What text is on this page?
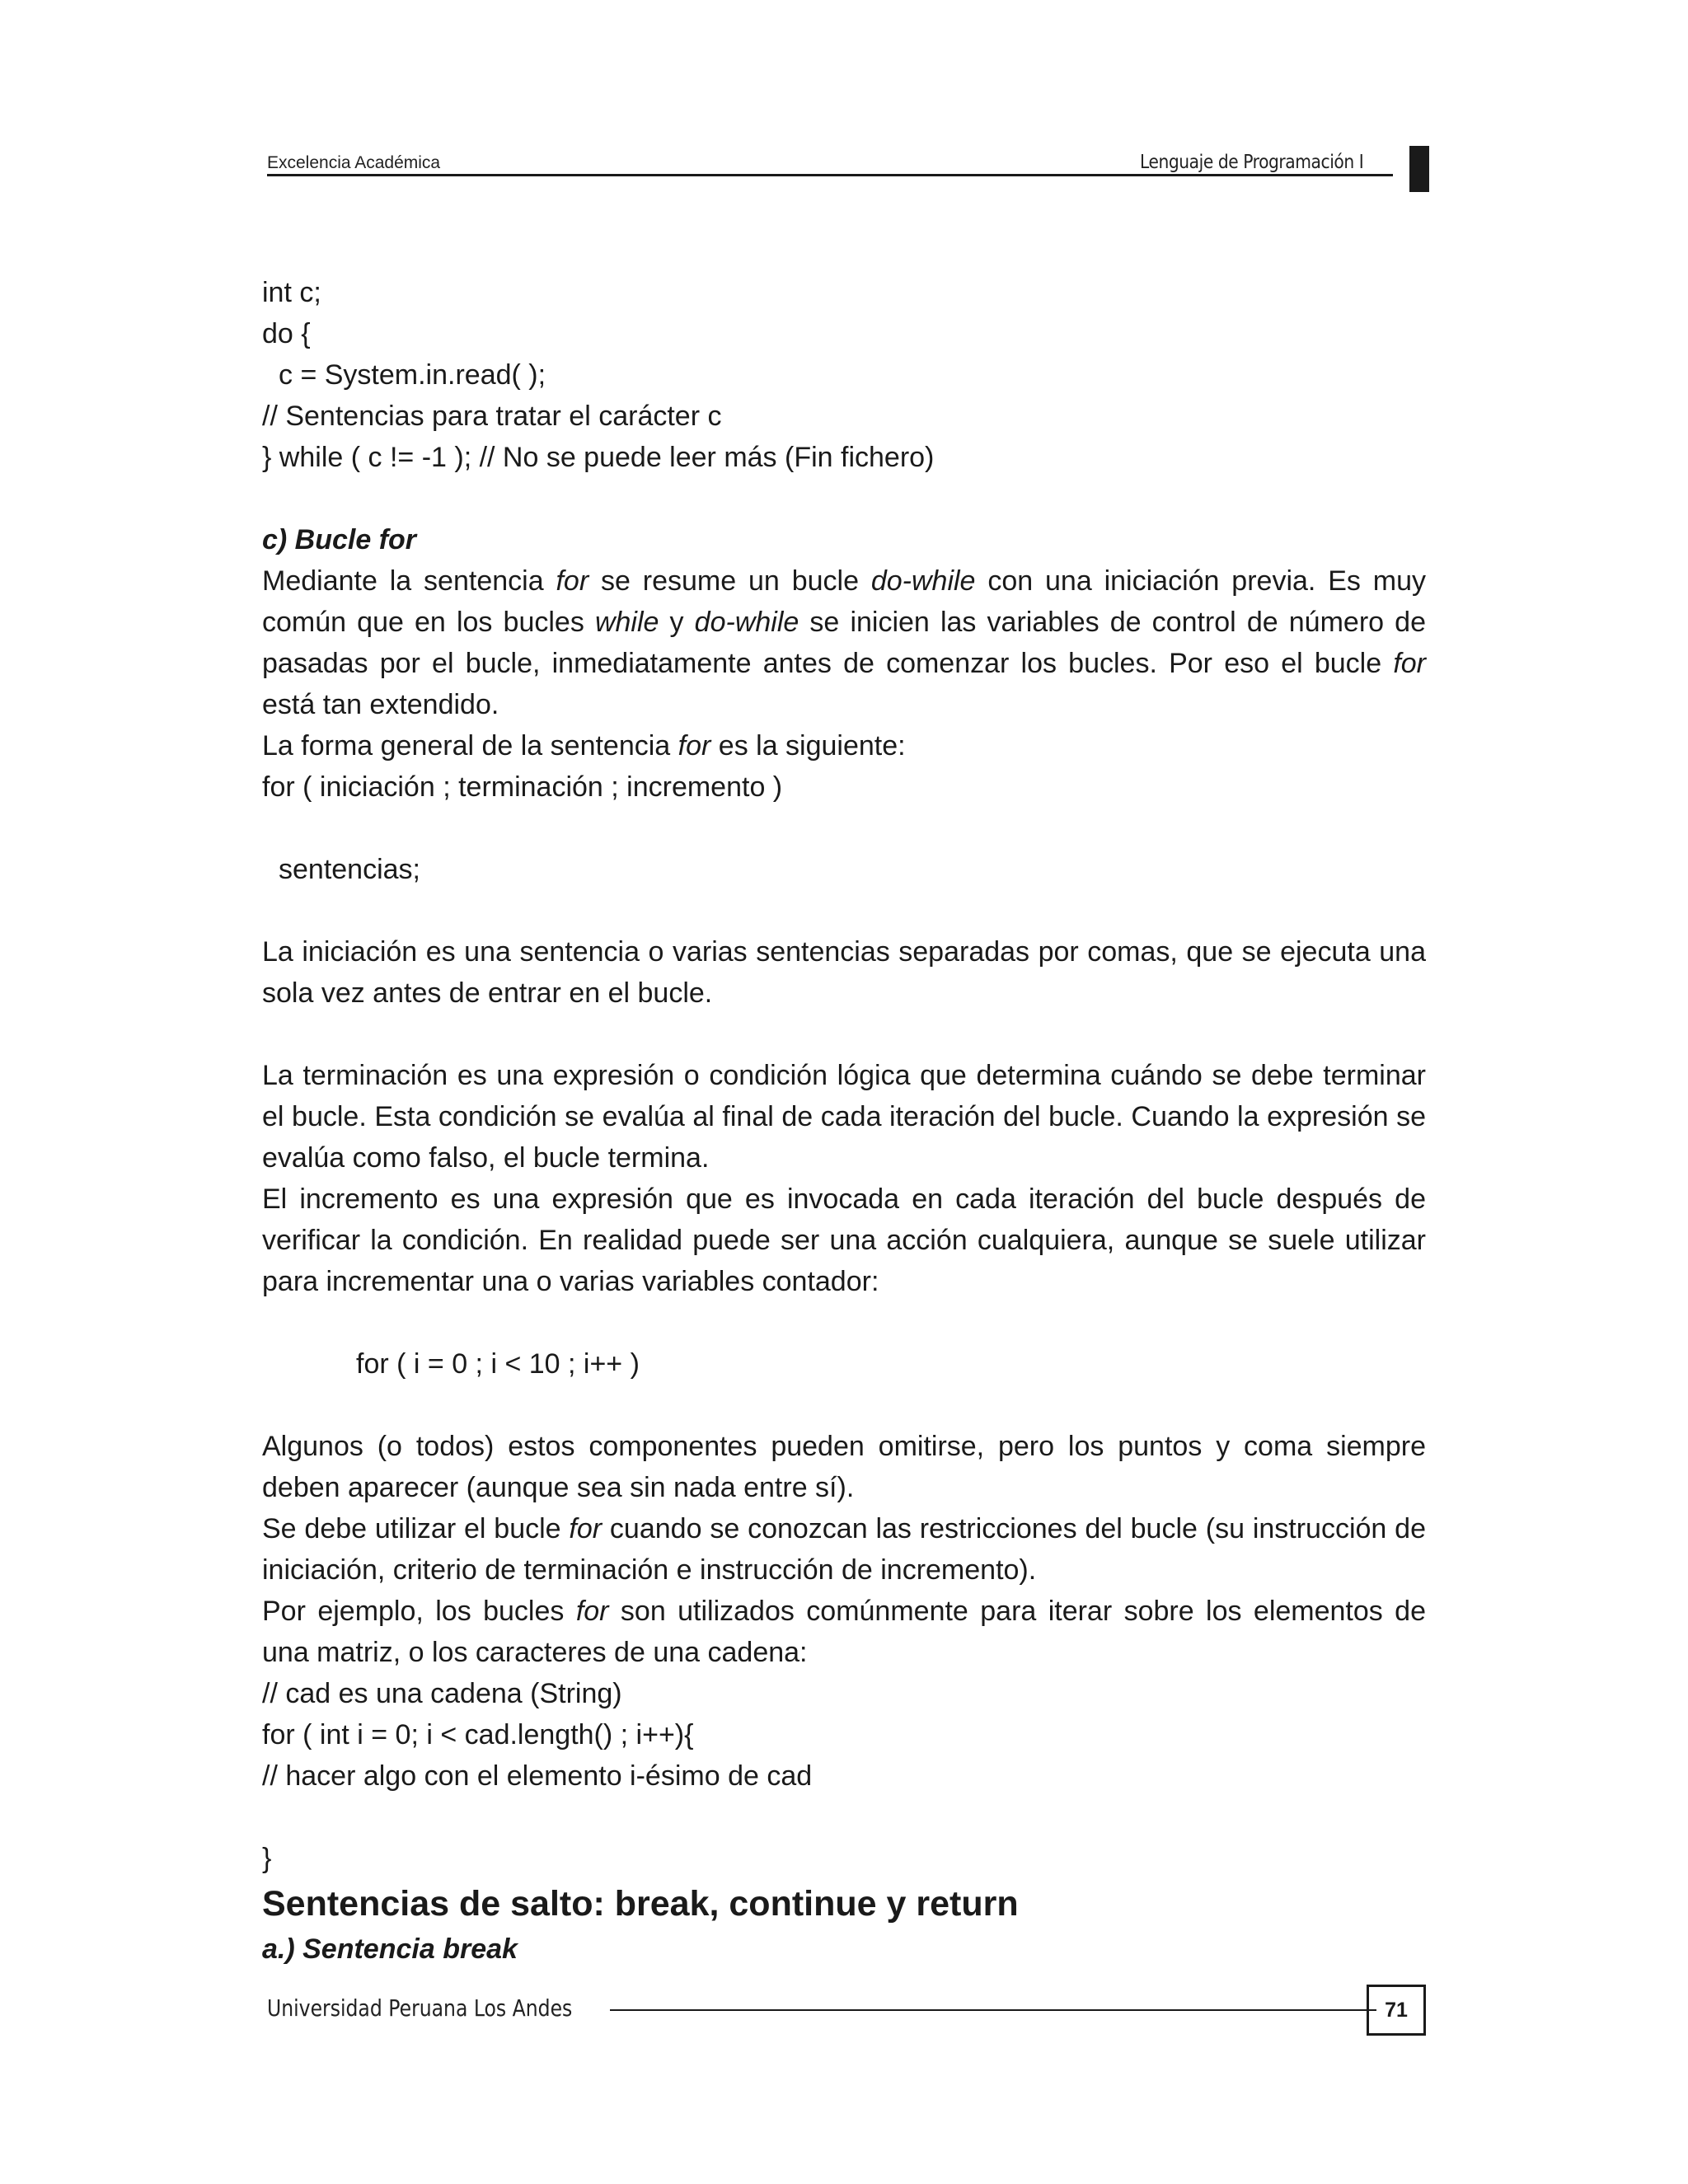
Excelencia Académica	Lenguaje de Programación I

int c;

do {

c = System.in.read( );

// Sentencias para tratar el carácter c

} while ( c != -1 ); // No se puede leer más (Fin fichero)

c) Bucle for

Mediante la sentencia for se resume un bucle do-while con una iniciación previa. Es muy común que en los bucles while y do-while se inicien las variables de control de número de pasadas por el bucle, inmediatamente antes de comenzar los bucles. Por eso el bucle for está tan extendido.

La forma general de la sentencia for es la siguiente:

for ( iniciación ; terminación ; incremento )

sentencias;

La iniciación es una sentencia o varias sentencias separadas por comas, que se ejecuta una sola vez antes de entrar en el bucle.

La terminación es una expresión o condición lógica que determina cuándo se debe terminar el bucle. Esta condición se evalúa al final de cada iteración del bucle. Cuando la expresión se evalúa como falso, el bucle termina.

El incremento es una expresión que es invocada en cada iteración del bucle después de verificar la condición. En realidad puede ser una acción cualquiera, aunque se suele utilizar para incrementar una o varias variables contador:

for ( i = 0 ; i < 10 ; i++ )

Algunos (o todos) estos componentes pueden omitirse, pero los puntos y coma siempre deben aparecer (aunque sea sin nada entre sí).

Se debe utilizar el bucle for cuando se conozcan las restricciones del bucle (su instrucción de iniciación, criterio de terminación e instrucción de incremento).

Por ejemplo, los bucles for son utilizados comúnmente para iterar sobre los elementos de una matriz, o los caracteres de una cadena:

// cad es una cadena (String)

for ( int i = 0; i < cad.length() ; i++){

// hacer algo con el elemento i-ésimo de cad

}

Sentencias de salto: break, continue y return

a.) Sentencia break

Universidad Peruana Los Andes	71
